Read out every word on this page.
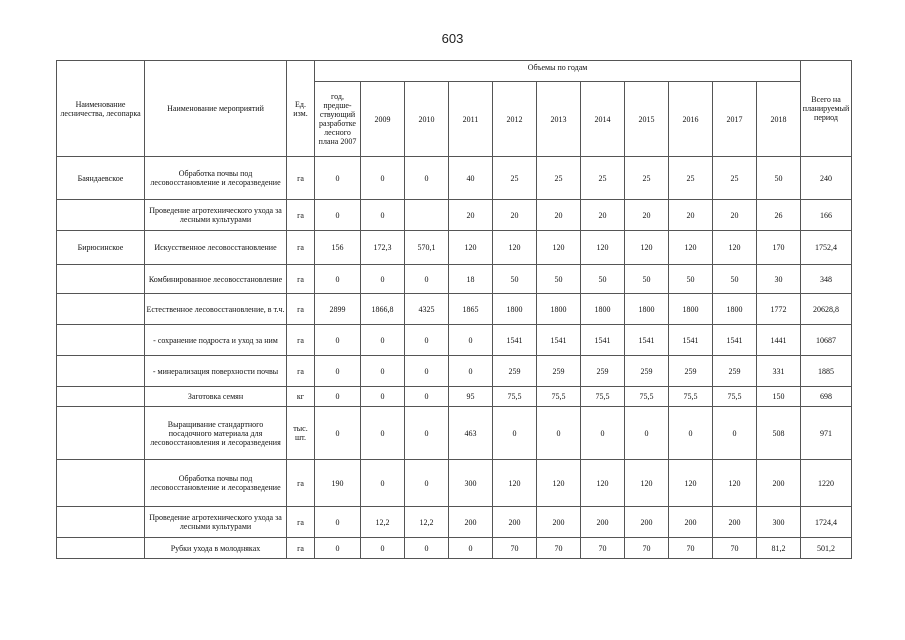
603
Наименование лесничества, лесопарка	Наименование мероприятий	Ед. изм.	Объемы по годам											Всего на планируемый период
			год, предше-ствующий разработке лесного плана 2007	2009	2010	2011	2012	2013	2014	2015	2016	2017	2018	
Баяндаевское	Обработка почвы под лесовосстановление и лесоразведение	га	0	0	0	40	25	25	25	25	25	25	50	240
	Проведение агротехнического ухода за лесными культурами	га	0	0		20	20	20	20	20	20	20	26	166
Бирюсинское	Искусственное лесовосстановление	га	156	172,3	570,1	120	120	120	120	120	120	120	170	1752,4
	Комбинированное лесовосстановление	га	0	0	0	18	50	50	50	50	50	50	30	348
	Естественное лесовосстановление, в т.ч.	га	2899	1866,8	4325	1865	1800	1800	1800	1800	1800	1800	1772	20628,8
	- сохранение подроста и уход за ним	га	0	0	0	0	1541	1541	1541	1541	1541	1541	1441	10687
	- минерализация поверхности почвы	га	0	0	0	0	259	259	259	259	259	259	331	1885
	Заготовка семян	кг	0	0	0	95	75,5	75,5	75,5	75,5	75,5	75,5	150	698
	Выращивание стандартного посадочного материала для лесовосстановления и лесоразведения	тыс. шт.	0	0	0	463	0	0	0	0	0	0	508	971
	Обработка почвы под лесовосстановление и лесоразведение	га	190	0	0	300	120	120	120	120	120	120	200	1220
	Проведение агротехнического ухода за лесными культурами	га	0	12,2	12,2	200	200	200	200	200	200	200	300	1724,4
	Рубки ухода в молодняках	га	0	0	0	0	70	70	70	70	70	70	81,2	501,2
